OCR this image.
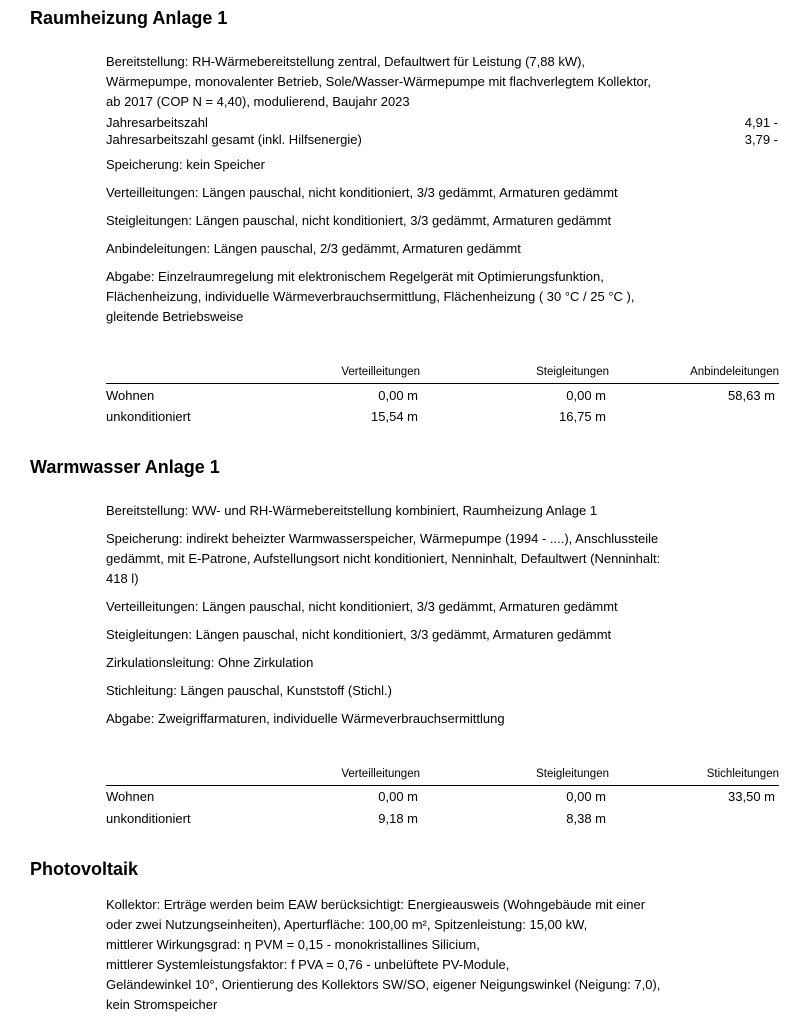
Raumheizung Anlage 1
Bereitstellung: RH-Wärmebereitstellung zentral, Defaultwert für Leistung (7,88 kW),
Wärmepumpe, monovalenter Betrieb, Sole/Wasser-Wärmepumpe mit flachverlegtem Kollektor,
ab 2017 (COP N = 4,40), modulierend, Baujahr 2023
Jahresarbeitszahl	4,91 -
Jahresarbeitszahl gesamt (inkl. Hilfsenergie)	3,79 -
Speicherung: kein Speicher
Verteilleitungen: Längen pauschal, nicht konditioniert, 3/3 gedämmt, Armaturen gedämmt
Steigleitungen: Längen pauschal, nicht konditioniert, 3/3 gedämmt, Armaturen gedämmt
Anbindeleitungen: Längen pauschal, 2/3 gedämmt, Armaturen gedämmt
Abgabe: Einzelraumregelung mit elektronischem Regelgerät mit Optimierungsfunktion,
Flächenheizung, individuelle Wärmeverbrauchsermittlung, Flächenheizung ( 30 °C / 25 °C ),
gleitende Betriebsweise
Verteilleitungen	Steigleitungen	Anbindeleitungen
Wohnen	0,00 m	0,00 m	58,63 m
unkonditioniert	15,54 m	16,75 m
Warmwasser Anlage 1
Bereitstellung: WW- und RH-Wärmebereitstellung kombiniert, Raumheizung Anlage 1
Speicherung: indirekt beheizter Warmwasserspeicher, Wärmepumpe (1994 - ....), Anschlussteile
gedämmt, mit E-Patrone, Aufstellungsort nicht konditioniert, Nenninhalt, Defaultwert (Nenninhalt:
418 l)
Verteilleitungen: Längen pauschal, nicht konditioniert, 3/3 gedämmt, Armaturen gedämmt
Steigleitungen: Längen pauschal, nicht konditioniert, 3/3 gedämmt, Armaturen gedämmt
Zirkulationsleitung: Ohne Zirkulation
Stichleitung: Längen pauschal, Kunststoff (Stichl.)
Abgabe: Zweigriffarmaturen, individuelle Wärmeverbrauchsermittlung
Verteilleitungen	Steigleitungen	Stichleitungen
Wohnen	0,00 m	0,00 m	33,50 m
unkonditioniert	9,18 m	8,38 m
Photovoltaik
Kollektor: Erträge werden beim EAW berücksichtigt: Energieausweis (Wohngebäude mit einer
oder zwei Nutzungseinheiten), Aperturfläche: 100,00 m², Spitzenleistung: 15,00 kW,
mittlerer Wirkungsgrad: η PVM = 0,15 - monokristallines Silicium,
mittlerer Systemleistungsfaktor: f PVA = 0,76 - unbelüftete PV-Module,
Geländewinkel 10°, Orientierung des Kollektors SW/SO, eigener Neigungswinkel (Neigung: 7,0),
kein Stromspeicher
